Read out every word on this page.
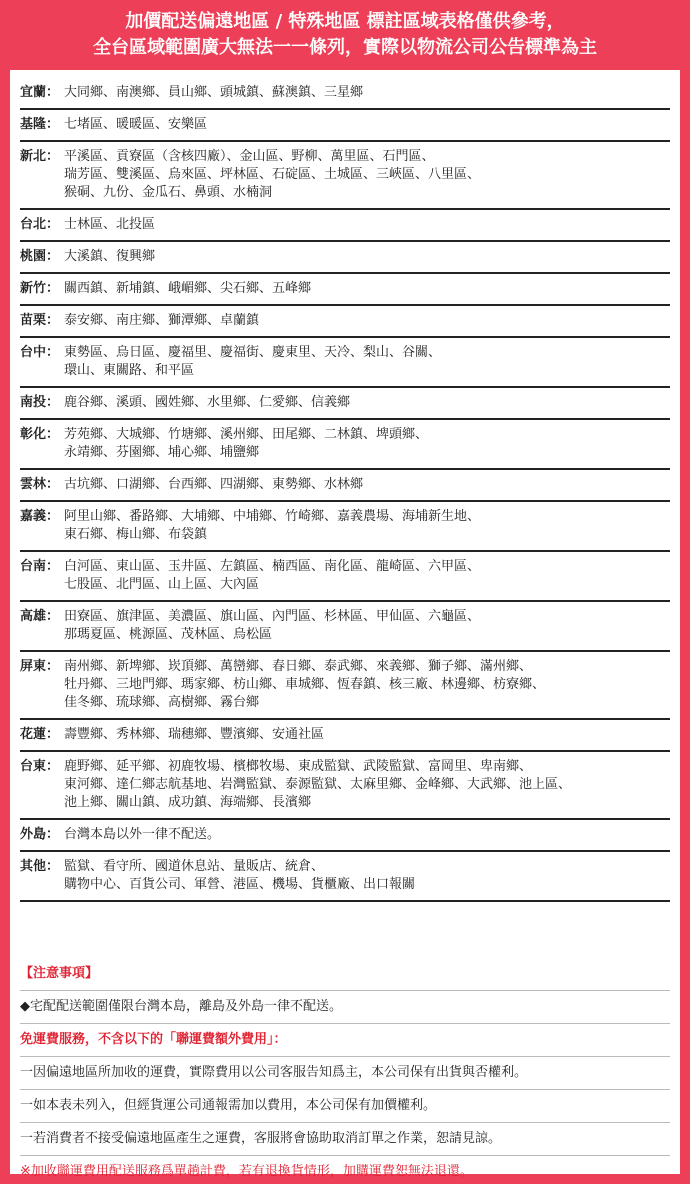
加價配送偏遠地區 / 特殊地區 標註區域表格僅供參考，
全台區域範圍廣大無法一一條列，實際以物流公司公告標準為主
宜蘭： 大同鄉、南澳鄉、員山鄉、頭城鎮、蘇澳鎮、三星鄉
基隆： 七堵區、暖暖區、安樂區
新北： 平溪區、貢寮區（含核四廠）、金山區、野柳、萬里區、石門區、
瑞芳區、雙溪區、烏來區、坪林區、石碇區、土城區、三峽區、八里區、
猴硐、九份、金瓜石、鼻頭、水楠洞
台北： 士林區、北投區
桃園： 大溪鎮、復興鄉
新竹： 關西鎮、新埔鎮、峨嵋鄉、尖石鄉、五峰鄉
苗栗： 泰安鄉、南庄鄉、獅潭鄉、卓蘭鎮
台中： 東勢區、烏日區、慶福里、慶福街、慶東里、天冷、梨山、谷關、
環山、東關路、和平區
南投： 鹿谷鄉、溪頭、國姓鄉、水里鄉、仁愛鄉、信義鄉
彰化： 芳苑鄉、大城鄉、竹塘鄉、溪州鄉、田尾鄉、二林鎮、埤頭鄉、
永靖鄉、芬園鄉、埔心鄉、埔鹽鄉
雲林： 古坑鄉、口湖鄉、台西鄉、四湖鄉、東勢鄉、水林鄉
嘉義： 阿里山鄉、番路鄉、大埔鄉、中埔鄉、竹崎鄉、嘉義農場、海埔新生地、
東石鄉、梅山鄉、布袋鎮
台南： 白河區、東山區、玉井區、左鎮區、楠西區、南化區、龍崎區、六甲區、
七股區、北門區、山上區、大內區
高雄： 田寮區、旗津區、美濃區、旗山區、內門區、杉林區、甲仙區、六龜區、
那瑪夏區、桃源區、茂林區、烏松區
屏東： 南州鄉、新埤鄉、崁頂鄉、萬巒鄉、春日鄉、泰武鄉、來義鄉、獅子鄉、滿州鄉、
牡丹鄉、三地門鄉、瑪家鄉、枋山鄉、車城鄉、恆春鎮、核三廠、林邊鄉、枋寮鄉、
佳冬鄉、琉球鄉、高樹鄉、霧台鄉
花蓮： 壽豐鄉、秀林鄉、瑞穗鄉、豐濱鄉、安通社區
台東： 鹿野鄉、延平鄉、初鹿牧場、檳榔牧場、東成監獄、武陵監獄、富岡里、卑南鄉、
東河鄉、達仁鄉志航基地、岩灣監獄、泰源監獄、太麻里鄉、金峰鄉、大武鄉、池上區、
池上鄉、關山鎮、成功鎮、海端鄉、長濱鄉
外島： 台灣本島以外一律不配送。
其他： 監獄、看守所、國道休息站、量販店、統倉、
購物中心、百貨公司、軍營、港區、機場、貨櫃廠、出口報關
【注意事項】
◆宅配配送範圍僅限台灣本島，離島及外島一律不配送。
免運費服務，不含以下的「聯運費額外費用」：
一因偏遠地區所加收的運費，實際費用以公司客服告知爲主，本公司保有出貨與否權利。
一如本表未列入，但經貨運公司通報需加以費用，本公司保有加價權利。
一若消費者不接受偏遠地區產生之運費，客服將會協助取消訂單之作業，恕請見諒。
※加收聯運費用配送服務爲單趟計費，若有退換貨情形，加購運費恕無法退還。
